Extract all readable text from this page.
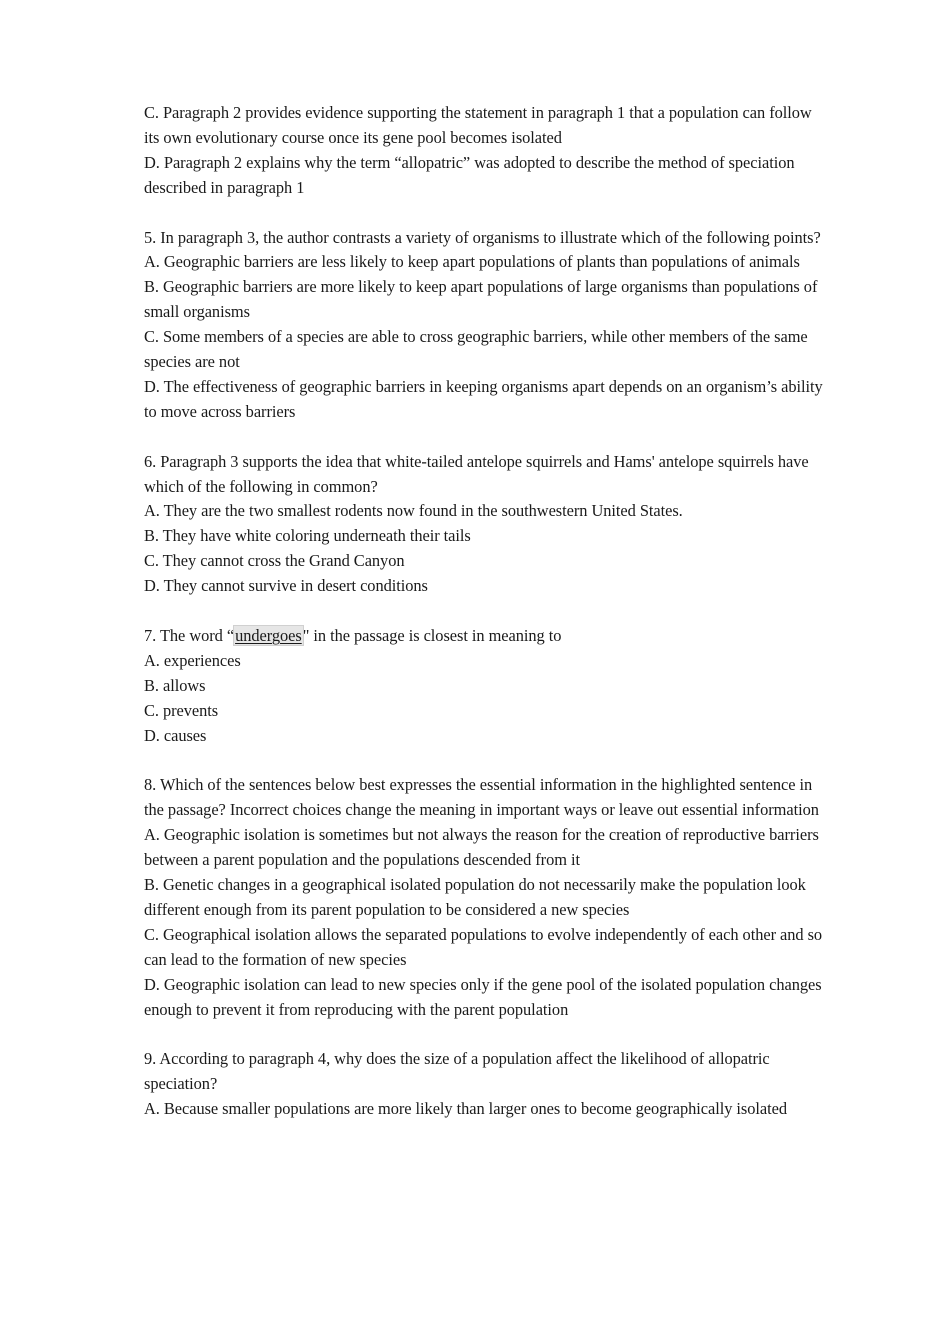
C. Paragraph 2 provides evidence supporting the statement in paragraph 1 that a population can follow its own evolutionary course once its gene pool becomes isolated

D. Paragraph 2 explains why the term “allopatric” was adopted to describe the method of speciation described in paragraph 1

5. In paragraph 3, the author contrasts a variety of organisms to illustrate which of the following points?

A. Geographic barriers are less likely to keep apart populations of plants than populations of animals

B. Geographic barriers are more likely to keep apart populations of large organisms than populations of small organisms

C. Some members of a species are able to cross geographic barriers, while other members of the same species are not

D. The effectiveness of geographic barriers in keeping organisms apart depends on an organism’s ability to move across barriers

6. Paragraph 3 supports the idea that white-tailed antelope squirrels and Hams' antelope squirrels have which of the following in common?

A. They are the two smallest rodents now found in the southwestern United States.

B. They have white coloring underneath their tails

C. They cannot cross the Grand Canyon

D. They cannot survive in desert conditions

7. The word “undergoes" in the passage is closest in meaning to

A. experiences

B. allows

C. prevents

D. causes

8. Which of the sentences below best expresses the essential information in the highlighted sentence in the passage? Incorrect choices change the meaning in important ways or leave out essential information

A. Geographic isolation is sometimes but not always the reason for the creation of reproductive barriers between a parent population and the populations descended from it

B. Genetic changes in a geographical isolated population do not necessarily make the population look different enough from its parent population to be considered a new species

C. Geographical isolation allows the separated populations to evolve independently of each other and so can lead to the formation of new species

D. Geographic isolation can lead to new species only if the gene pool of the isolated population changes enough to prevent it from reproducing with the parent population

9. According to paragraph 4, why does the size of a population affect the likelihood of allopatric speciation?

A. Because smaller populations are more likely than larger ones to become geographically isolated
